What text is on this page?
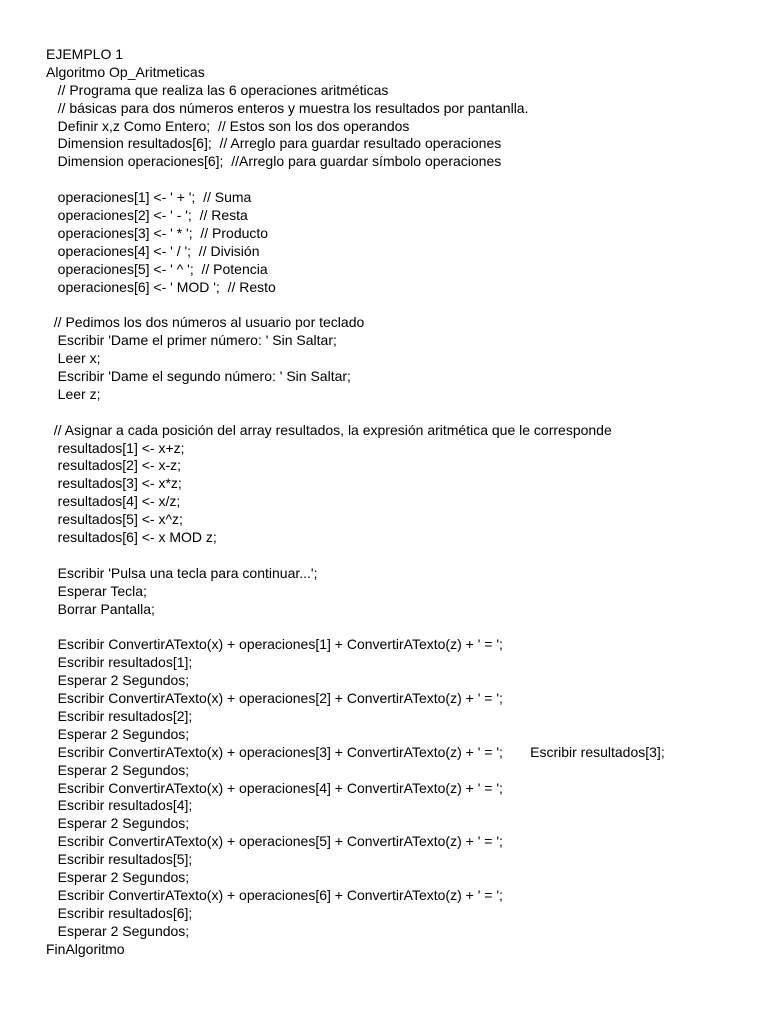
EJEMPLO 1
Algoritmo Op_Aritmeticas
// Programa que realiza las 6 operaciones aritméticas
// básicas para dos números enteros y muestra los resultados por pantanlla.
Definir x,z Como Entero;  // Estos son los dos operandos
Dimension resultados[6];  // Arreglo para guardar resultado operaciones
Dimension operaciones[6];  //Arreglo para guardar símbolo operaciones
operaciones[1] <- ' + ';  // Suma
operaciones[2] <- ' - ';  // Resta
operaciones[3] <- ' * ';  // Producto
operaciones[4] <- ' / ';  // División
operaciones[5] <- ' ^ ';  // Potencia
operaciones[6] <- ' MOD ';  // Resto
// Pedimos los dos números al usuario por teclado
Escribir 'Dame el primer número: ' Sin Saltar;
Leer x;
Escribir 'Dame el segundo número: ' Sin Saltar;
Leer z;
// Asignar a cada posición del array resultados, la expresión aritmética que le corresponde
resultados[1] <- x+z;
resultados[2] <- x-z;
resultados[3] <- x*z;
resultados[4] <- x/z;
resultados[5] <- x^z;
resultados[6] <- x MOD z;
Escribir 'Pulsa una tecla para continuar...';
Esperar Tecla;
Borrar Pantalla;
Escribir ConvertirATexto(x) + operaciones[1] + ConvertirATexto(z) + ' = ';
Escribir resultados[1];
Esperar 2 Segundos;
Escribir ConvertirATexto(x) + operaciones[2] + ConvertirATexto(z) + ' = ';
Escribir resultados[2];
Esperar 2 Segundos;
Escribir ConvertirATexto(x) + operaciones[3] + ConvertirATexto(z) + ' = ';       Escribir resultados[3];
Esperar 2 Segundos;
Escribir ConvertirATexto(x) + operaciones[4] + ConvertirATexto(z) + ' = ';
Escribir resultados[4];
Esperar 2 Segundos;
Escribir ConvertirATexto(x) + operaciones[5] + ConvertirATexto(z) + ' = ';
Escribir resultados[5];
Esperar 2 Segundos;
Escribir ConvertirATexto(x) + operaciones[6] + ConvertirATexto(z) + ' = ';
Escribir resultados[6];
Esperar 2 Segundos;
FinAlgoritmo
